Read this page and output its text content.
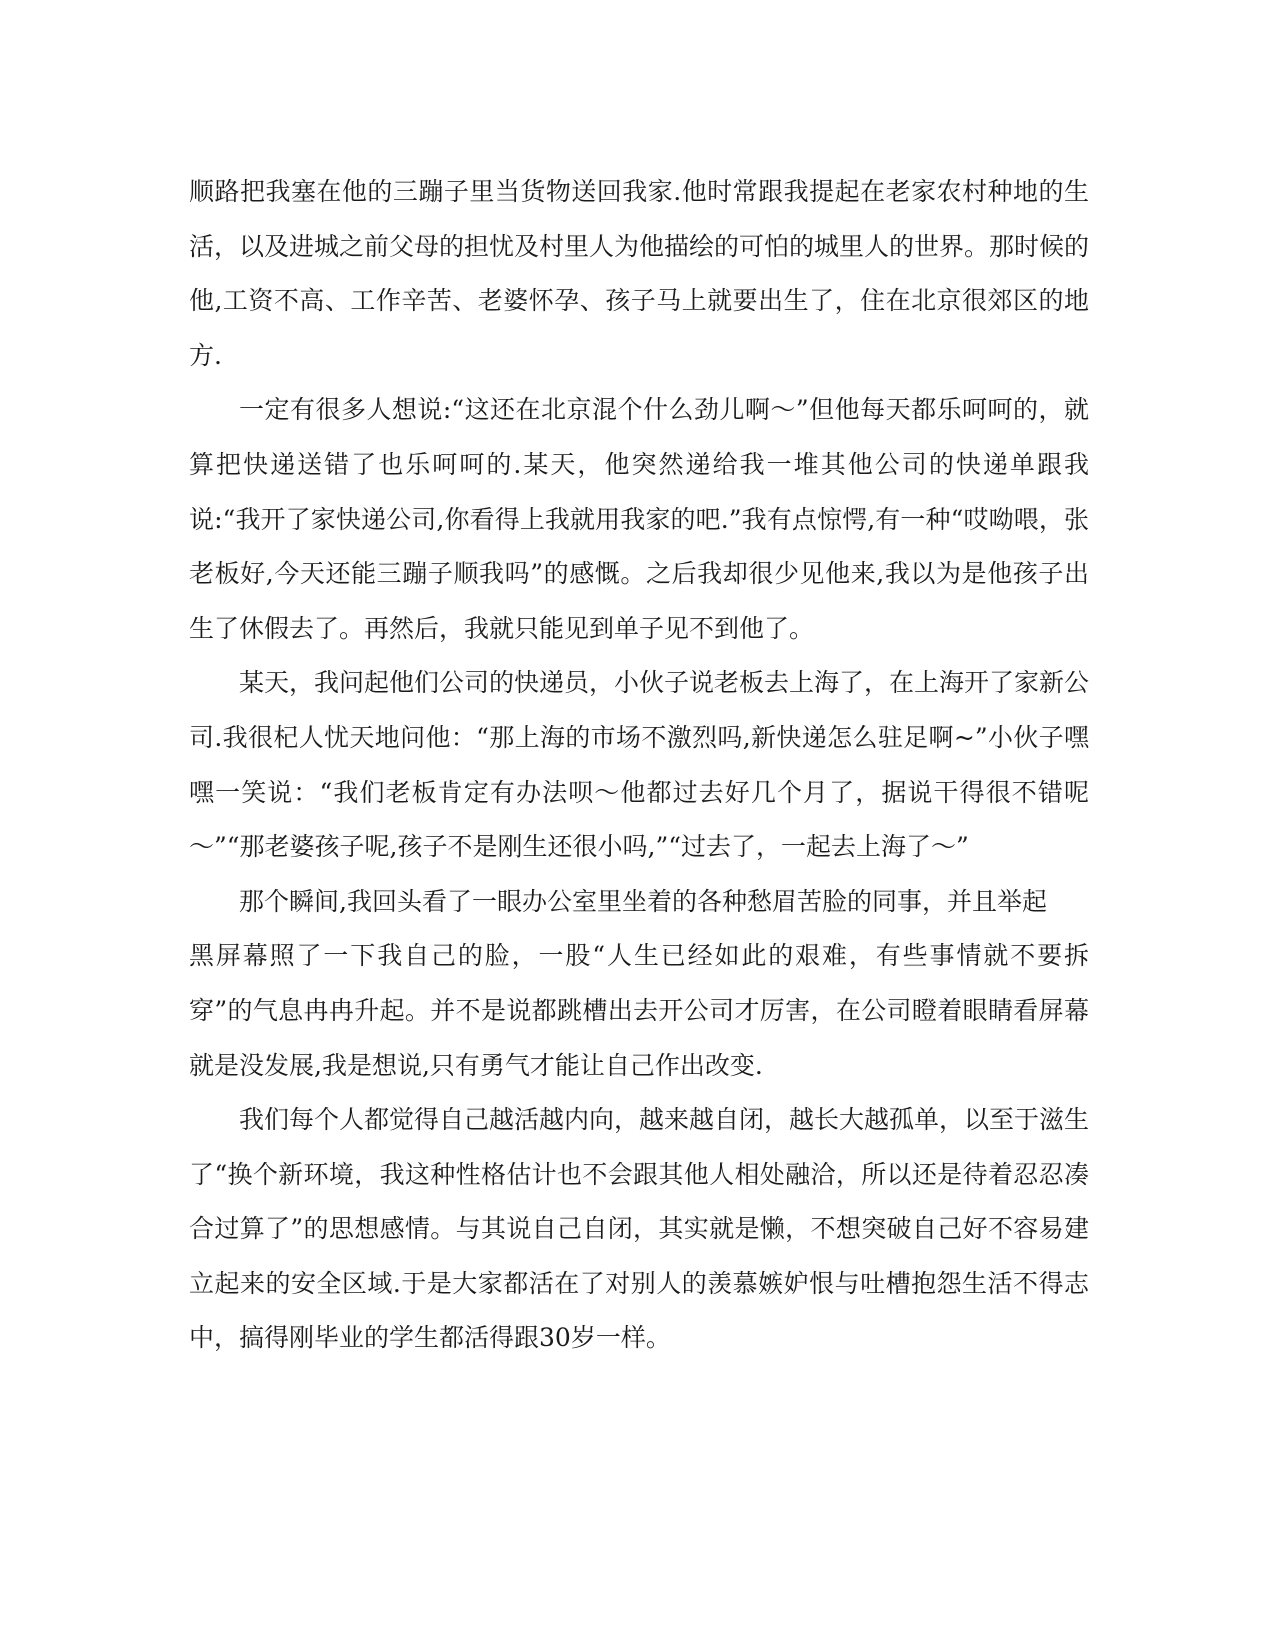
顺路把我塞在他的三蹦子里当货物送回我家.他时常跟我提起在老家农村种地的生活，以及进城之前父母的担忧及村里人为他描绘的可怕的城里人的世界。那时候的他,工资不高、工作辛苦、老婆怀孕、孩子马上就要出生了，住在北京很郊区的地方.

一定有很多人想说:“这还在北京混个什么劲儿啊～”但他每天都乐呵呵的，就算把快递送错了也乐呵呵的.某天，他突然递给我一堆其他公司的快递单跟我说:“我开了家快递公司,你看得上我就用我家的吧.”我有点惊愕,有一种“哎呦喂，张老板好,今天还能三蹦子顺我吗”的感慨。之后我却很少见他来,我以为是他孩子出生了休假去了。再然后，我就只能见到单子见不到他了。

某天，我问起他们公司的快递员，小伙子说老板去上海了，在上海开了家新公司.我很杞人忧天地问他：“那上海的市场不激烈吗,新快递怎么驻足啊~”小伙子嘿嘿一笑说：“我们老板肯定有办法呗～他都过去好几个月了，据说干得很不错呢～”“那老婆孩子呢,孩子不是刚生还很小吗,”“过去了，一起去上海了～”

那个瞬间,我回头看了一眼办公室里坐着的各种愁眉苦脸的同事，并且举起

黑屏幕照了一下我自己的脸，一股“人生已经如此的艰难，有些事情就不要拆穿”的气息冉冉升起。并不是说都跳槽出去开公司才厉害，在公司瞪着眼睛看屏幕就是没发展,我是想说,只有勇气才能让自己作出改变.

我们每个人都觉得自己越活越内向，越来越自闭，越长大越孤单，以至于滋生了“换个新环境，我这种性格估计也不会跟其他人相处融洽，所以还是待着忍忍凑合过算了”的思想感情。与其说自己自闭，其实就是懒，不想突破自己好不容易建立起来的安全区域.于是大家都活在了对别人的羡慕嫉妒恨与吐槽抱怨生活不得志中，搞得刚毕业的学生都活得跟30岁一样。
